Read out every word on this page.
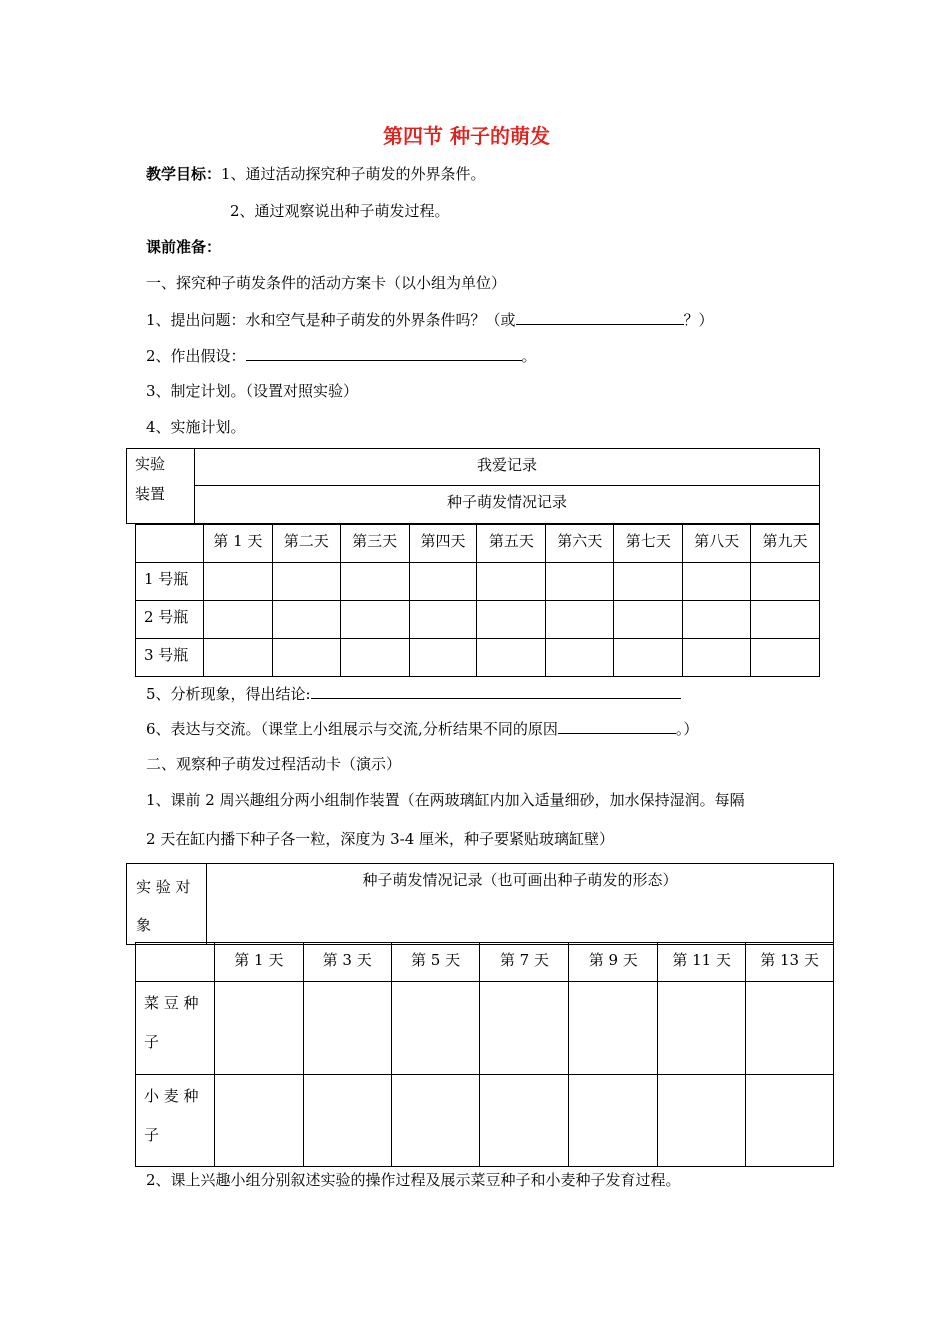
第四节 种子的萌发
教学目标：1、通过活动探究种子萌发的外界条件。
2、通过观察说出种子萌发过程。
课前准备：
一、探究种子萌发条件的活动方案卡（以小组为单位）
1、提出问题：水和空气是种子萌发的外界条件吗？（或	？）
2、作出假设：	。
3、制定计划。（设置对照实验）
4、实施计划。
实验
装置
	我爱记录
种子萌发情况记录
	第 1 天	第二天	第三天	第四天	第五天	第六天	第七天	第八天	第九天
1 号瓶									
2 号瓶									
3 号瓶									
5、分析现象，得出结论:
6、表达与交流。（课堂上小组展示与交流,分析结果不同的原因	。）
二、观察种子萌发过程活动卡（演示）
1、课前 2 周兴趣组分两小组制作装置（在两玻璃缸内加入适量细砂，加水保持湿润。每隔
2 天在缸内播下种子各一粒，深度为 3-4 厘米，种子要紧贴玻璃缸壁）
实 验 对
象
	种子萌发情况记录（也可画出种子萌发的形态）
	第 1 天	第 3 天	第 5 天	第 7 天	第 9 天	第 11 天	第 13 天

菜 豆 种
子							

小 麦 种
子							

2、课上兴趣小组分别叙述实验的操作过程及展示菜豆种子和小麦种子发育过程。
